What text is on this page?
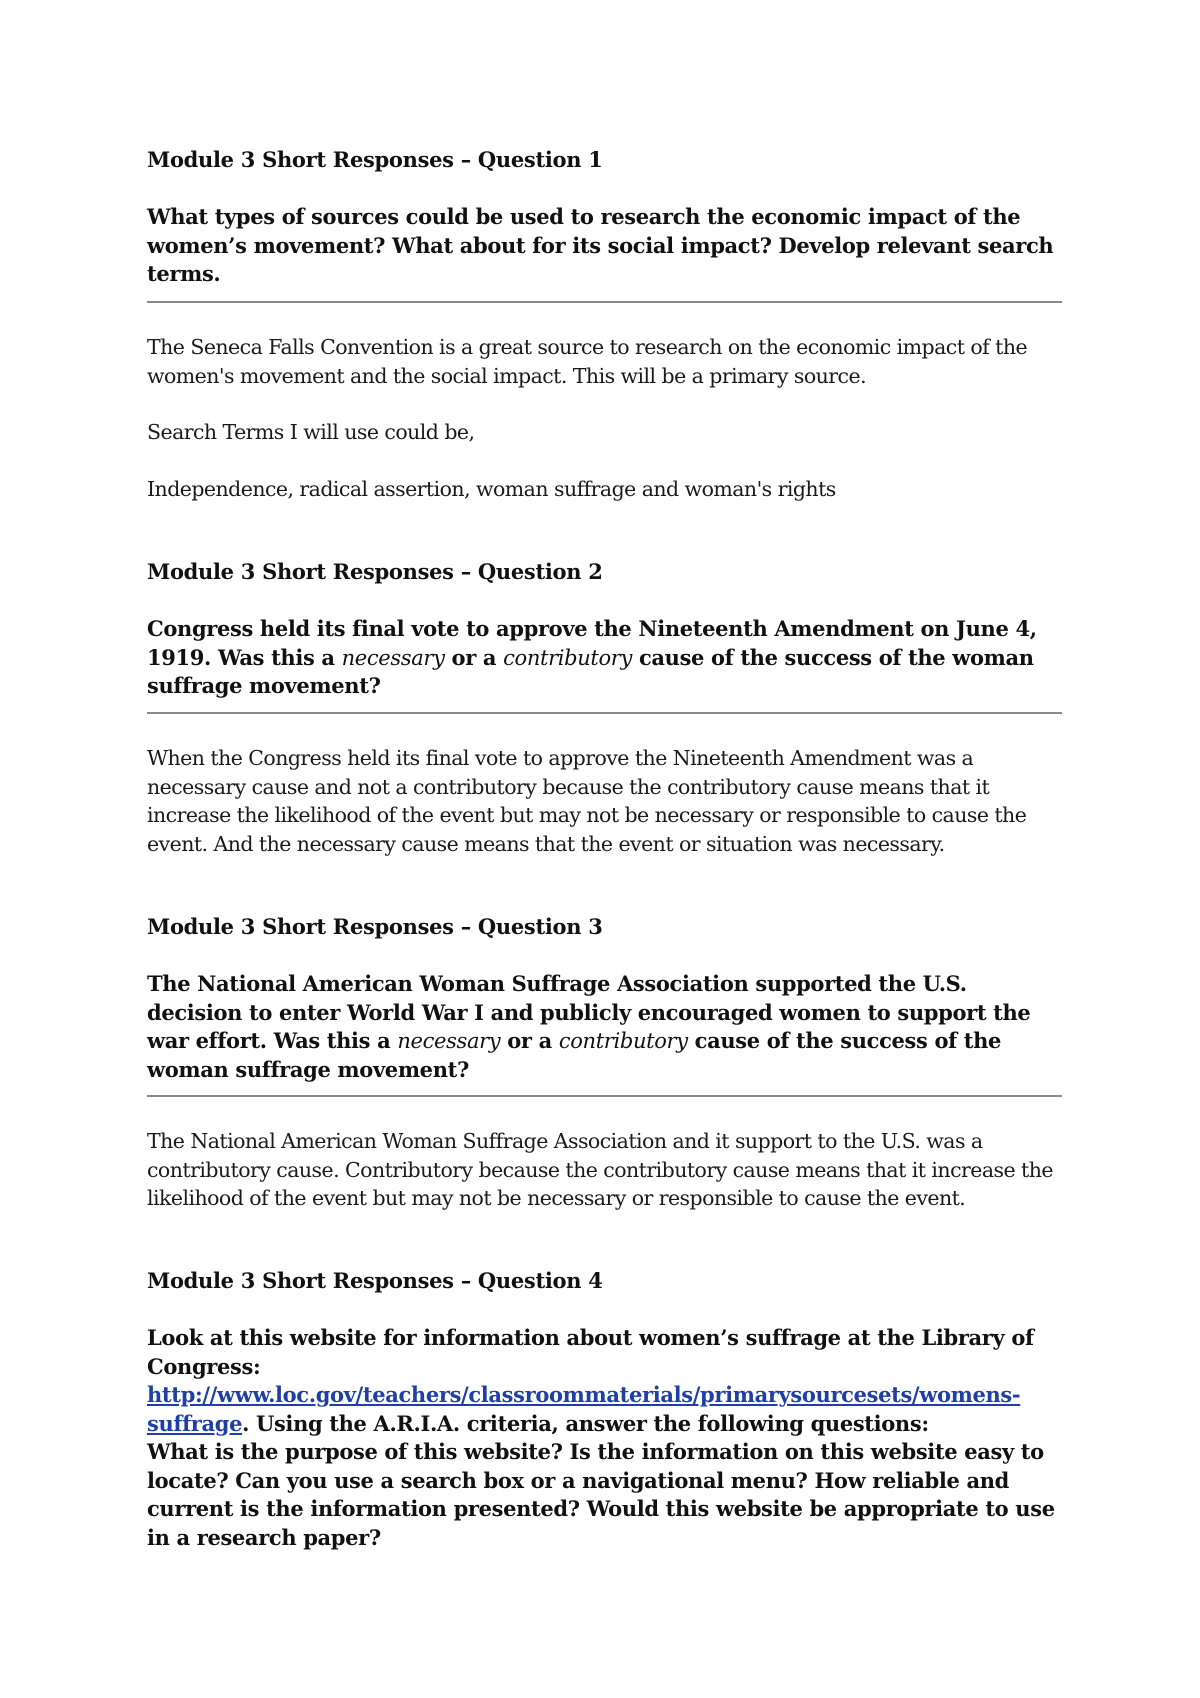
Module 3 Short Responses – Question 1

What types of sources could be used to research the economic impact of the women’s movement? What about for its social impact? Develop relevant search terms.

The Seneca Falls Convention is a great source to research on the economic impact of the women's movement and the social impact. This will be a primary source.

Search Terms I will use could be,

Independence, radical assertion, woman suffrage and woman's rights

Module 3 Short Responses – Question 2

Congress held its final vote to approve the Nineteenth Amendment on June 4, 1919. Was this a necessary or a contributory cause of the success of the woman suffrage movement?

When the Congress held its final vote to approve the Nineteenth Amendment was a necessary cause and not a contributory because the contributory cause means that it increase the likelihood of the event but may not be necessary or responsible to cause the event. And the necessary cause means that the event or situation was necessary.

Module 3 Short Responses – Question 3

The National American Woman Suffrage Association supported the U.S. decision to enter World War I and publicly encouraged women to support the war effort. Was this a necessary or a contributory cause of the success of the woman suffrage movement?

The National American Woman Suffrage Association and it support to the U.S. was a contributory cause. Contributory because the contributory cause means that it increase the likelihood of the event but may not be necessary or responsible to cause the event.

Module 3 Short Responses – Question 4

Look at this website for information about women’s suffrage at the Library of Congress: http://www.loc.gov/teachers/classroommaterials/primarysourcesets/womens-suffrage. Using the A.R.I.A. criteria, answer the following questions:

What is the purpose of this website? Is the information on this website easy to locate? Can you use a search box or a navigational menu? How reliable and current is the information presented? Would this website be appropriate to use in a research paper?
